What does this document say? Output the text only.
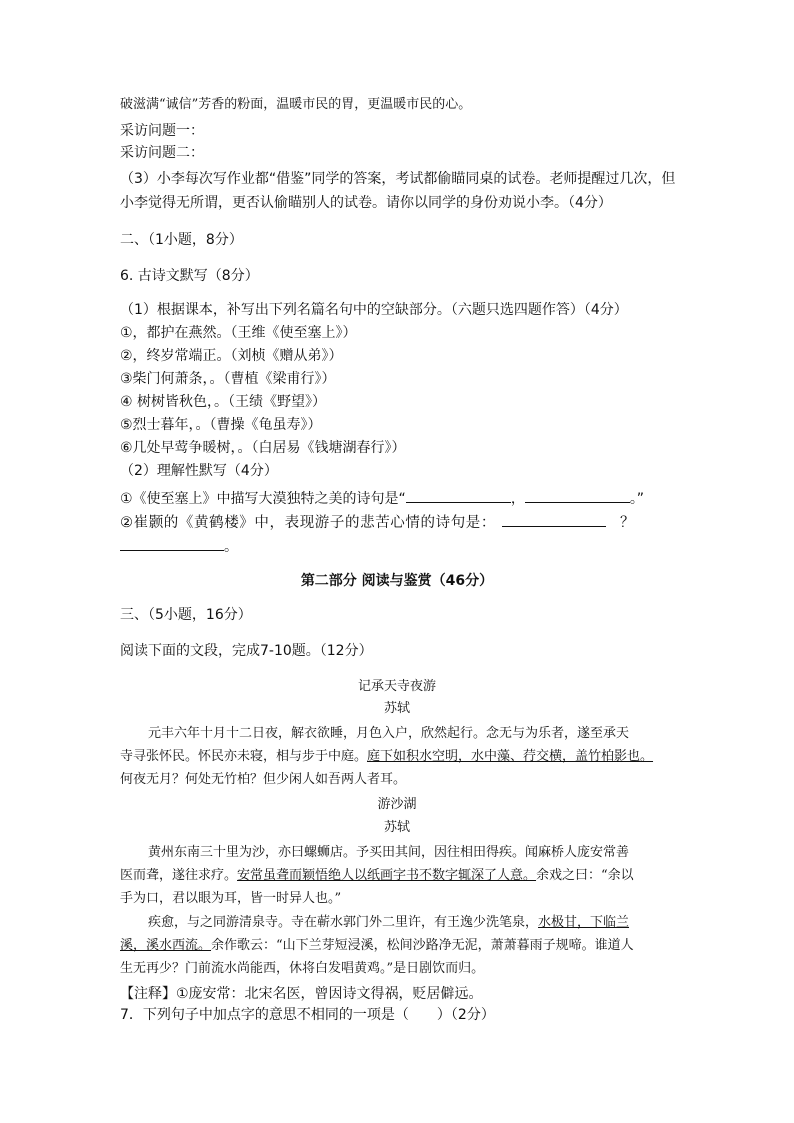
破滋满“诚信”芳香的粉面，温暖市民的胃，更温暖市民的心。
采访问题一：
采访问题二：
（3）小李每次写作业都“借鉴”同学的答案，考试都偷瞄同桌的试卷。老师提醒过几次，但
小李觉得无所谓，更否认偷瞄别人的试卷。请你以同学的身份劝说小李。（4分）
二、（1小题，8分）
6. 古诗文默写（8分）
（1）根据课本，补写出下列名篇名句中的空缺部分。（六题只选四题作答）（4分）
①，都护在燕然。（王维《使至塞上》）
②，终岁常端正。（刘桢《赠从弟》）
③柴门何萧条，。（曹植《梁甫行》）
④ 树树皆秋色，。（王绩《野望》）
⑤烈士暮年，。（曹操《龟虽寿》）
⑥几处早莺争暖树，。（白居易《钱塘湖春行》）
（2）理解性默写（4分）
①《使至塞上》中描写大漠独特之美的诗句是“	，	。”
②崔颢的《黄鹤楼》中，表现游子的悲苦心情的诗句是：	？
。
第二部分 阅读与鉴赏（46分）
三、（5小题，16分）
阅读下面的文段，完成7-10题。（12分）
记承天寺夜游
苏轼
元丰六年十月十二日夜，解衣欲睡，月色入户，欣然起行。念无与为乐者，遂至承天
寺寻张怀民。怀民亦未寝，相与步于中庭。庭下如积水空明，水中藻、荇交横，盖竹柏影也。
何夜无月？何处无竹柏？但少闲人如吾两人者耳。
游沙湖
苏轼
黄州东南三十里为沙，亦曰螺蛳店。予买田其间，因往相田得疾。闻麻桥人庞安常善
医而聋，遂往求疗。安常虽聋而颖悟绝人以纸画字书不数字辄深了人意。余戏之曰：“余以
手为口，君以眼为耳，皆一时异人也。”
疾愈，与之同游清泉寺。寺在蕲水郭门外二里许，有王逸少洗笔泉，水极甘，下临兰
溪，溪水西流。余作歌云：“山下兰芽短浸溪，松间沙路净无泥，萧萧暮雨子规啼。谁道人
生无再少？门前流水尚能西，休将白发唱黄鸡。”是日剧饮而归。
【注释】①庞安常：北宋名医，曾因诗文得祸，贬居僻远。
7．下列句子中加点字的意思不相同的一项是（　　）（2分）
